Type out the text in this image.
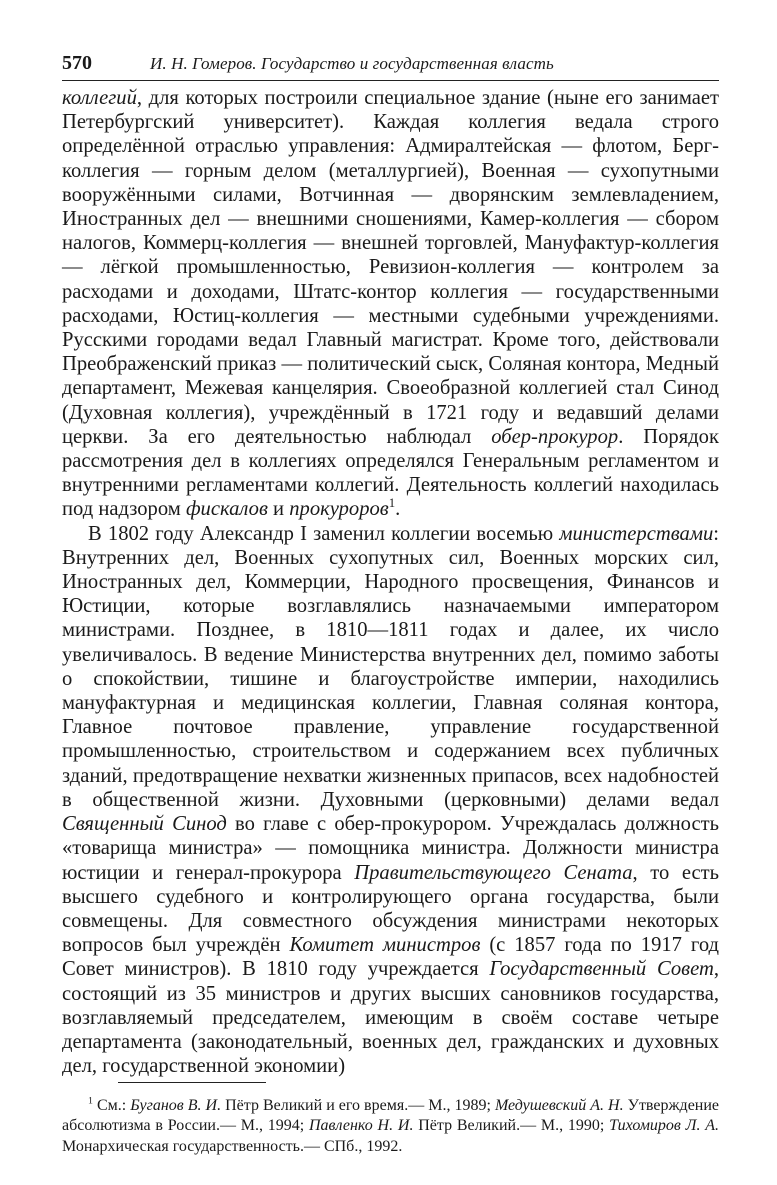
570	И. Н. Гомеров. Государство и государственная власть

коллегий, для которых построили специальное здание (ныне его занимает Петербургский университет). Каждая коллегия ведала строго определённой отраслью управления: Адмиралтейская — флотом, Берг-коллегия — горным делом (металлургией), Военная — сухопутными вооружёнными силами, Вотчинная — дворянским землевладением, Иностранных дел — внешними сношениями, Камер-коллегия — сбором налогов, Коммерц-коллегия — внешней торговлей, Мануфактур-коллегия — лёгкой промышленностью, Ревизион-коллегия — контролем за расходами и доходами, Штатс-контор коллегия — государственными расходами, Юстиц-коллегия — местными судебными учреждениями. Русскими городами ведал Главный магистрат. Кроме того, действовали Преображенский приказ — политический сыск, Соляная контора, Медный департамент, Межевая канцелярия. Своеобразной коллегией стал Синод (Духовная коллегия), учреждённый в 1721 году и ведавший делами церкви. За его деятельностью наблюдал обер-прокурор. Порядок рассмотрения дел в коллегиях определялся Генеральным регламентом и внутренними регламентами коллегий. Деятельность коллегий находилась под надзором фискалов и прокуроров$^1$.

В 1802 году Александр I заменил коллегии восемью министерствами: Внутренних дел, Военных сухопутных сил, Военных морских сил, Иностранных дел, Коммерции, Народного просвещения, Финансов и Юстиции, которые возглавлялись назначаемыми императором министрами. Позднее, в 1810—1811 годах и далее, их число увеличивалось. В ведение Министерства внутренних дел, помимо заботы о спокойствии, тишине и благоустройстве империи, находились мануфактурная и медицинская коллегии, Главная соляная контора, Главное почтовое правление, управление государственной промышленностью, строительством и содержанием всех публичных зданий, предотвращение нехватки жизненных припасов, всех надобностей в общественной жизни. Духовными (церковными) делами ведал Священный Синод во главе с обер-прокурором. Учреждалась должность «товарища министра» — помощника министра. Должности министра юстиции и генерал-прокурора Правительствующего Сената, то есть высшего судебного и контролирующего органа государства, были совмещены. Для совместного обсуждения министрами некоторых вопросов был учреждён Комитет министров (с 1857 года по 1917 год Совет министров). В 1810 году учреждается Государственный Совет, состоящий из 35 министров и других высших сановников государства, возглавляемый председателем, имеющим в своём составе четыре департамента (законодательный, военных дел, гражданских и духовных дел, государственной экономии)

$^1$ См.: Буганов В. И. Пётр Великий и его время.— М., 1989; Медушевский А. Н. Утверждение абсолютизма в России.— М., 1994; Павленко Н. И. Пётр Великий.— М., 1990; Тихомиров Л. А. Монархическая государственность.— СПб., 1992.
